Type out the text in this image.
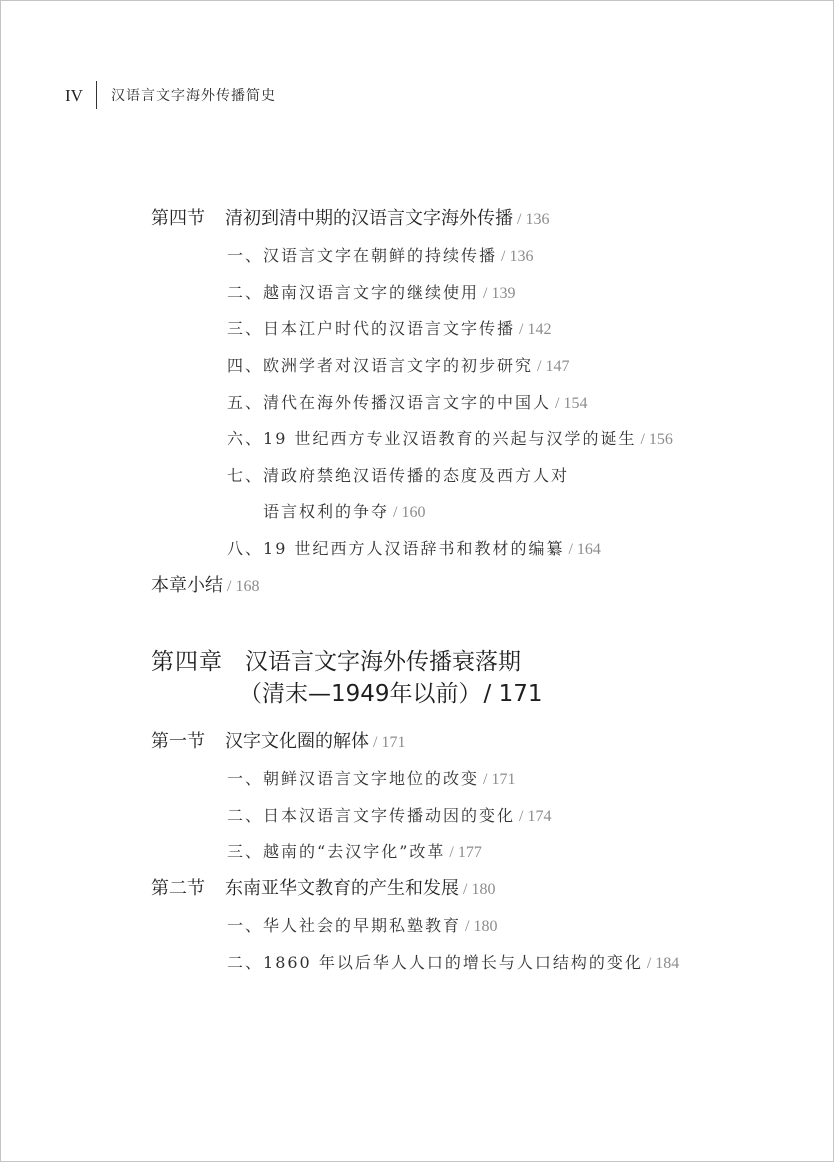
IV 汉语言文字海外传播简史
第四节 清初到清中期的汉语言文字海外传播 / 136
一、汉语言文字在朝鲜的持续传播 / 136
二、越南汉语言文字的继续使用 / 139
三、日本江户时代的汉语言文字传播 / 142
四、欧洲学者对汉语言文字的初步研究 / 147
五、清代在海外传播汉语言文字的中国人 / 154
六、19 世纪西方专业汉语教育的兴起与汉学的诞生 / 156
七、清政府禁绝汉语传播的态度及西方人对
语言权利的争夺 / 160
八、19 世纪西方人汉语辞书和教材的编纂 / 164
本章小结 / 168
第四章 汉语言文字海外传播衰落期
（清末—1949年以前）/ 171
第一节 汉字文化圈的解体 / 171
一、朝鲜汉语言文字地位的改变 / 171
二、日本汉语言文字传播动因的变化 / 174
三、越南的“去汉字化”改革 / 177
第二节 东南亚华文教育的产生和发展 / 180
一、华人社会的早期私塾教育 / 180
二、1860 年以后华人人口的增长与人口结构的变化 / 184
